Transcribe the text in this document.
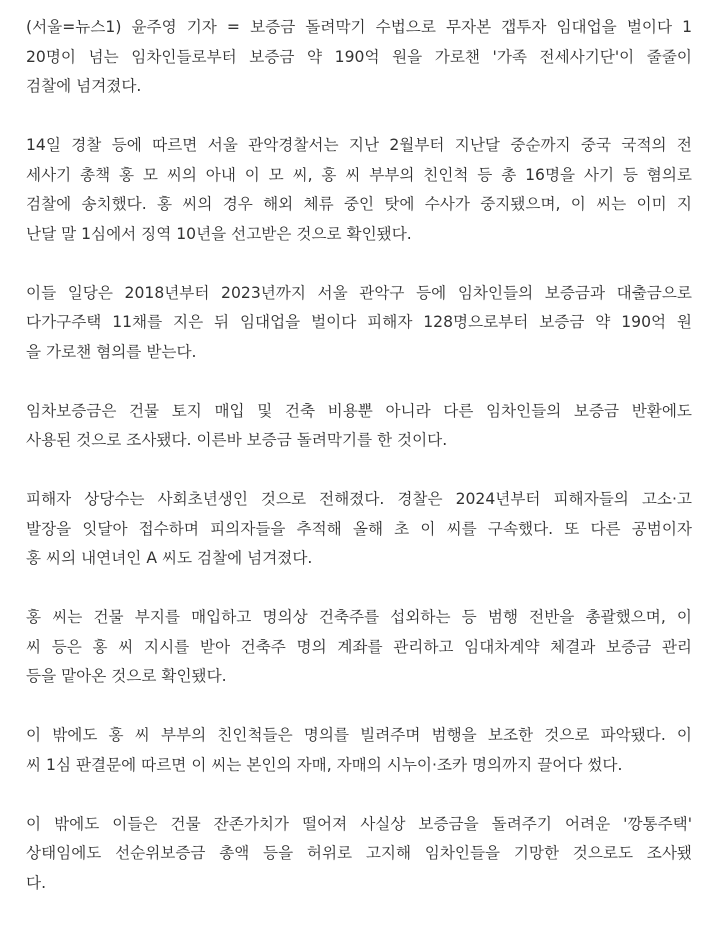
(서울=뉴스1) 윤주영 기자 = 보증금 돌려막기 수법으로 무자본 갭투자 임대업을 벌이다 1
20명이 넘는 임차인들로부터 보증금 약 190억 원을 가로챈 '가족 전세사기단'이 줄줄이
검찰에 넘겨졌다.

14일 경찰 등에 따르면 서울 관악경찰서는 지난 2월부터 지난달 중순까지 중국 국적의 전
세사기 총책 홍 모 씨의 아내 이 모 씨, 홍 씨 부부의 친인척 등 총 16명을 사기 등 혐의로
검찰에 송치했다. 홍 씨의 경우 해외 체류 중인 탓에 수사가 중지됐으며, 이 씨는 이미 지
난달 말 1심에서 징역 10년을 선고받은 것으로 확인됐다.

이들 일당은 2018년부터 2023년까지 서울 관악구 등에 임차인들의 보증금과 대출금으로
다가구주택 11채를 지은 뒤 임대업을 벌이다 피해자 128명으로부터 보증금 약 190억 원
을 가로챈 혐의를 받는다.

임차보증금은 건물 토지 매입 및 건축 비용뿐 아니라 다른 임차인들의 보증금 반환에도
사용된 것으로 조사됐다. 이른바 보증금 돌려막기를 한 것이다.

피해자 상당수는 사회초년생인 것으로 전해졌다. 경찰은 2024년부터 피해자들의 고소·고
발장을 잇달아 접수하며 피의자들을 추적해 올해 초 이 씨를 구속했다. 또 다른 공범이자
홍 씨의 내연녀인 A 씨도 검찰에 넘겨졌다.

홍 씨는 건물 부지를 매입하고 명의상 건축주를 섭외하는 등 범행 전반을 총괄했으며, 이
씨 등은 홍 씨 지시를 받아 건축주 명의 계좌를 관리하고 임대차계약 체결과 보증금 관리
등을 맡아온 것으로 확인됐다.

이 밖에도 홍 씨 부부의 친인척들은 명의를 빌려주며 범행을 보조한 것으로 파악됐다. 이
씨 1심 판결문에 따르면 이 씨는 본인의 자매, 자매의 시누이·조카 명의까지 끌어다 썼다.

이 밖에도 이들은 건물 잔존가치가 떨어져 사실상 보증금을 돌려주기 어려운 '깡통주택'
상태임에도 선순위보증금 총액 등을 허위로 고지해 임차인들을 기망한 것으로도 조사됐
다.
